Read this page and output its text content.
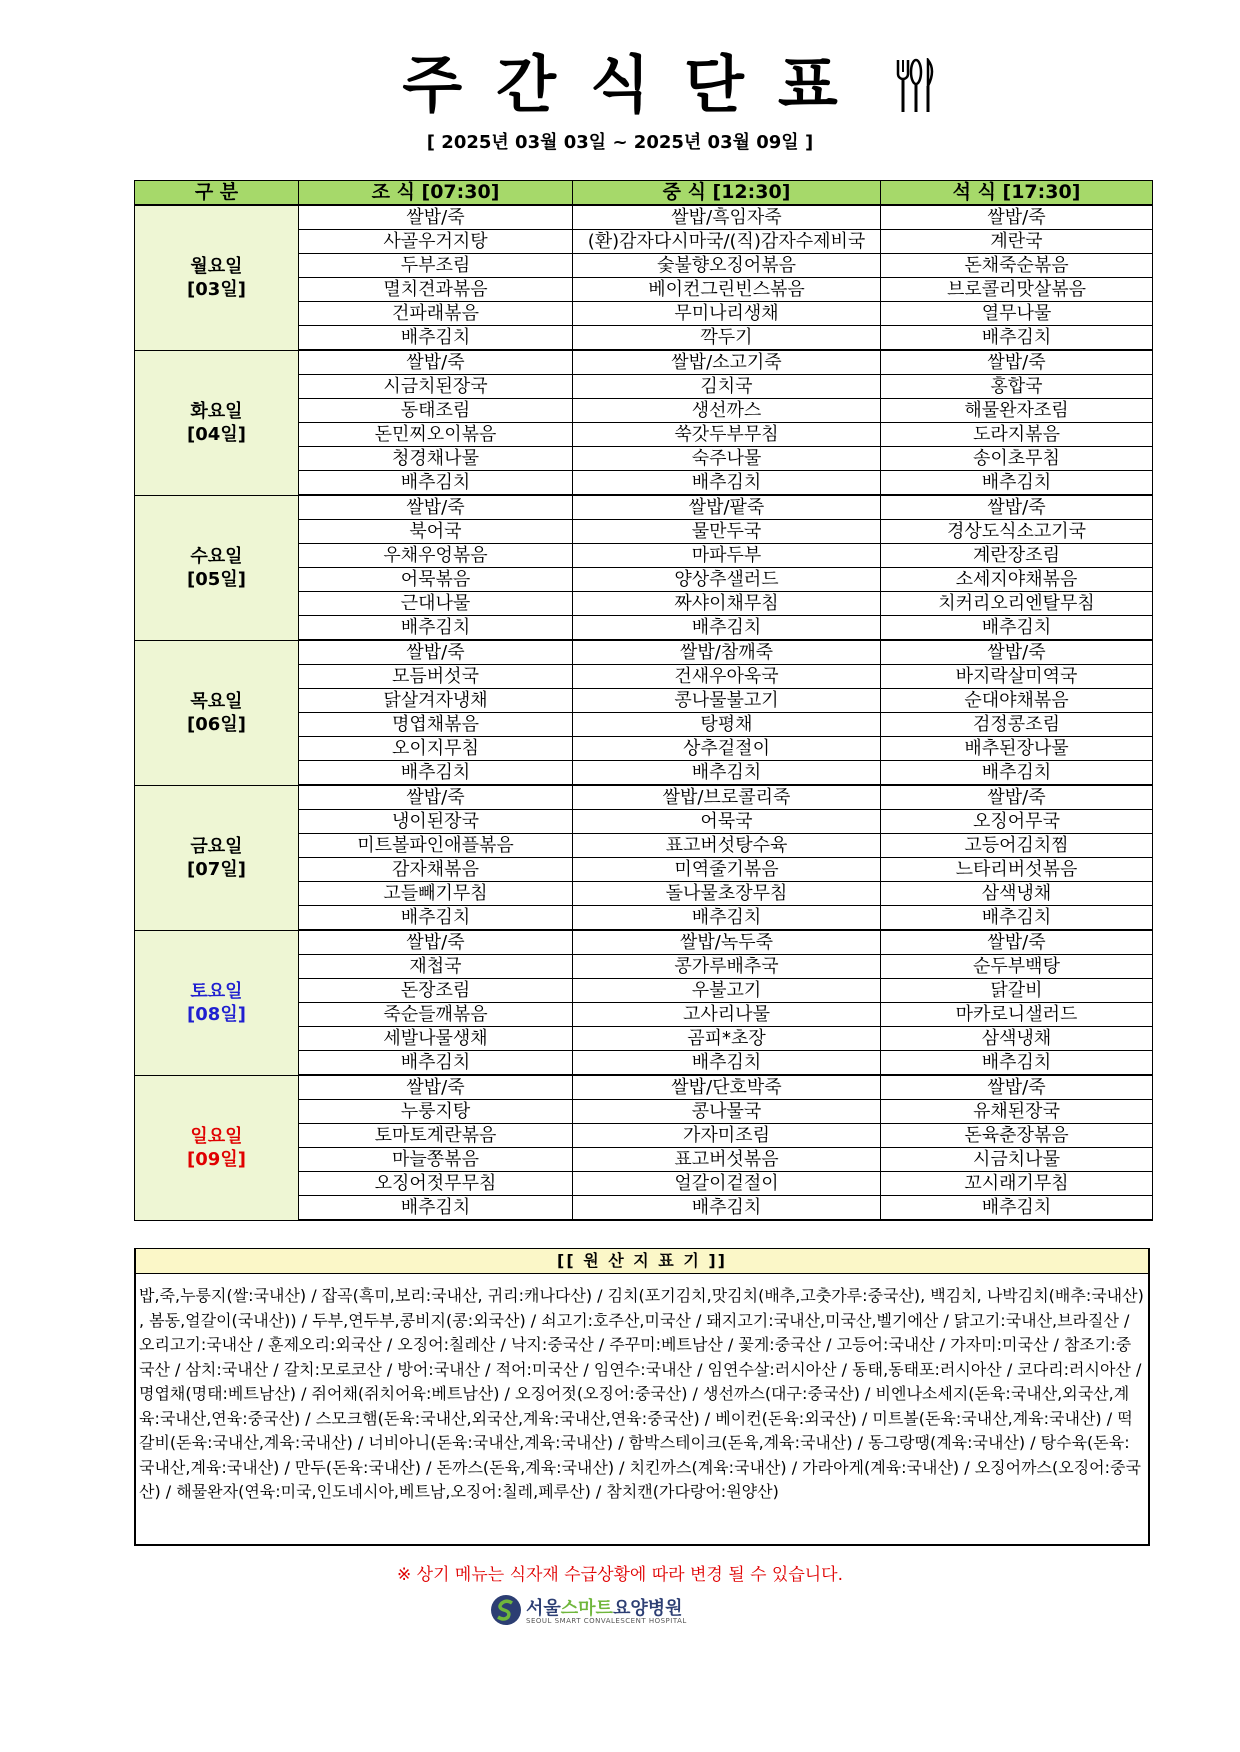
주간식단표
[ 2025년 03월 03일 ~ 2025년 03월 09일 ]
구 분	조 식 [07:30]	중 식 [12:30]	석 식 [17:30]

월요일
[03일]	쌀밥/죽	쌀밥/흑임자죽	쌀밥/죽
	사골우거지탕	(환)감자다시마국/(직)감자수제비국	계란국
	두부조림	숯불향오징어볶음	돈채죽순볶음
	멸치견과볶음	베이컨그린빈스볶음	브로콜리맛살볶음
	건파래볶음	무미나리생채	열무나물
	배추김치	깍두기	배추김치

화요일
[04일]	쌀밥/죽	쌀밥/소고기죽	쌀밥/죽
	시금치된장국	김치국	홍합국
	동태조림	생선까스	해물완자조림
	돈민찌오이볶음	쑥갓두부무침	도라지볶음
	청경채나물	숙주나물	송이초무침
	배추김치	배추김치	배추김치

수요일
[05일]	쌀밥/죽	쌀밥/팥죽	쌀밥/죽
	북어국	물만두국	경상도식소고기국
	우채우엉볶음	마파두부	계란장조림
	어묵볶음	양상추샐러드	소세지야채볶음
	근대나물	짜샤이채무침	치커리오리엔탈무침
	배추김치	배추김치	배추김치

목요일
[06일]	쌀밥/죽	쌀밥/참깨죽	쌀밥/죽
	모듬버섯국	건새우아욱국	바지락살미역국
	닭살겨자냉채	콩나물불고기	순대야채볶음
	명엽채볶음	탕평채	검정콩조림
	오이지무침	상추겉절이	배추된장나물
	배추김치	배추김치	배추김치

금요일
[07일]	쌀밥/죽	쌀밥/브로콜리죽	쌀밥/죽
	냉이된장국	어묵국	오징어무국
	미트볼파인애플볶음	표고버섯탕수육	고등어김치찜
	감자채볶음	미역줄기볶음	느타리버섯볶음
	고들빼기무침	돌나물초장무침	삼색냉채
	배추김치	배추김치	배추김치

토요일
[08일]	쌀밥/죽	쌀밥/녹두죽	쌀밥/죽
	재첩국	콩가루배추국	순두부백탕
	돈장조림	우불고기	닭갈비
	죽순들깨볶음	고사리나물	마카로니샐러드
	세발나물생채	곰피*초장	삼색냉채
	배추김치	배추김치	배추김치

일요일
[09일]	쌀밥/죽	쌀밥/단호박죽	쌀밥/죽
	누룽지탕	콩나물국	유채된장국
	토마토계란볶음	가자미조림	돈육춘장볶음
	마늘쫑볶음	표고버섯볶음	시금치나물
	오징어젓무무침	얼갈이겉절이	꼬시래기무침
	배추김치	배추김치	배추김치
[[ 원 산 지 표 기 ]]
밥,죽,누룽지(쌀:국내산) / 잡곡(흑미,보리:국내산, 귀리:캐나다산) / 김치(포기김치,맛김치(배추,고춧가루:중국산), 백김치, 나박김치(배추:국내산) , 봄동,얼갈이(국내산)) / 두부,연두부,콩비지(콩:외국산) / 쇠고기:호주산,미국산 / 돼지고기:국내산,미국산,벨기에산 / 닭고기:국내산,브라질산 / 오리고기:국내산 / 훈제오리:외국산 / 오징어:칠레산 / 낙지:중국산 / 주꾸미:베트남산 / 꽃게:중국산 / 고등어:국내산 / 가자미:미국산 / 참조기:중국산 / 삼치:국내산 / 갈치:모로코산 / 방어:국내산 / 적어:미국산 / 임연수:국내산 / 임연수살:러시아산 / 동태,동태포:러시아산 / 코다리:러시아산 / 명엽채(명태:베트남산) / 쥐어채(쥐치어육:베트남산) / 오징어젓(오징어:중국산) / 생선까스(대구:중국산) / 비엔나소세지(돈육:국내산,외국산,계육:국내산,연육:중국산) / 스모크햄(돈육:국내산,외국산,계육:국내산,연육:중국산) / 베이컨(돈육:외국산) / 미트볼(돈육:국내산,계육:국내산) / 떡갈비(돈육:국내산,계육:국내산) / 너비아니(돈육:국내산,계육:국내산) / 함박스테이크(돈육,계육:국내산) / 동그랑땡(계육:국내산) / 탕수육(돈육:국내산,계육:국내산) / 만두(돈육:국내산) / 돈까스(돈육,계육:국내산) / 치킨까스(계육:국내산) / 가라아게(계육:국내산) / 오징어까스(오징어:중국산) / 해물완자(연육:미국,인도네시아,베트남,오징어:칠레,페루산) / 참치캔(가다랑어:원양산)
※ 상기 메뉴는 식자재 수급상황에 따라 변경 될 수 있습니다.
서울스마트요양병원
SEOUL SMART CONVALESCENT HOSPITAL
